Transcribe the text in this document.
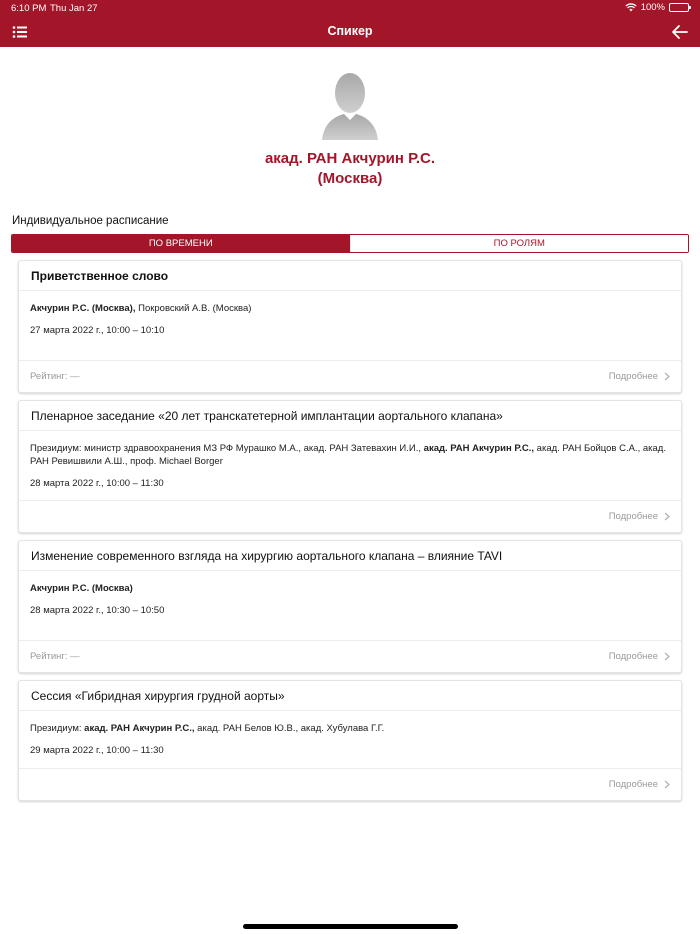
6:10 PM Thu Jan 27	100%
Спикер
акад. РАН Акчурин Р.С.
(Москва)
Индивидуальное расписание
ПО ВРЕМЕНИ	ПО РОЛЯМ
Приветственное слово
Акчурин Р.С. (Москва), Покровский А.В. (Москва)
27 марта 2022 г., 10:00 – 10:10
Рейтинг: —	Подробнее
Пленарное заседание «20 лет транскатетерной имплантации аортального клапана»
Президиум: министр здравоохранения МЗ РФ Мурашко М.А., акад. РАН Затевахин И.И., акад. РАН Акчурин Р.С., акад. РАН Бойцов С.А., акад. РАН Ревишвили А.Ш., проф. Michael Borger
28 марта 2022 г., 10:00 – 11:30
Подробнее
Изменение современного взгляда на хирургию аортального клапана – влияние TAVI
Акчурин Р.С. (Москва)
28 марта 2022 г., 10:30 – 10:50
Рейтинг: —	Подробнее
Сессия «Гибридная хирургия грудной аорты»
Президиум: акад. РАН Акчурин Р.С., акад. РАН Белов Ю.В., акад. Хубулава Г.Г.
29 марта 2022 г., 10:00 – 11:30
Подробнее
